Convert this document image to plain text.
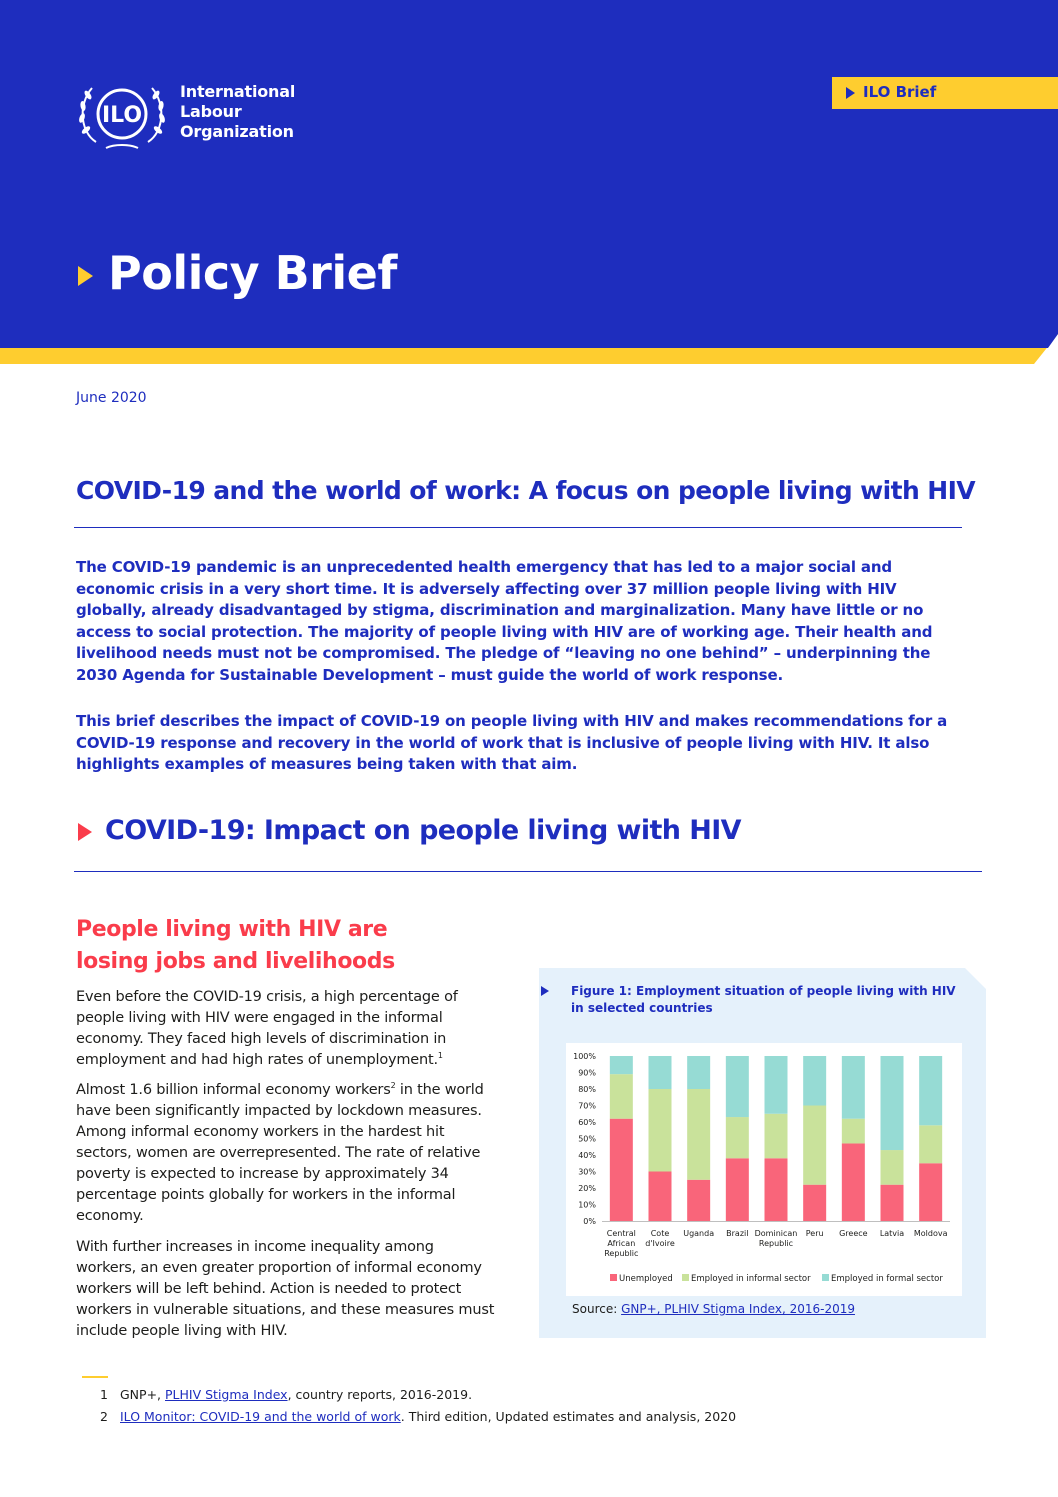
ILO
International
Labour
Organization
ILO Brief
Policy Brief
June 2020
COVID-19 and the world of work: A focus on people living with HIV
The COVID-19 pandemic is an unprecedented health emergency that has led to a major social and economic crisis in a very short time. It is adversely affecting over 37 million people living with HIV globally, already disadvantaged by stigma, discrimination and marginalization. Many have little or no access to social protection. The majority of people living with HIV are of working age. Their health and livelihood needs must not be compromised. The pledge of “leaving no one behind” – underpinning the 2030 Agenda for Sustainable Development – must guide the world of work response.
This brief describes the impact of COVID-19 on people living with HIV and makes recommendations for a COVID-19 response and recovery in the world of work that is inclusive of people living with HIV. It also highlights examples of measures being taken with that aim.
COVID-19: Impact on people living with HIV
People living with HIV are losing jobs and livelihoods
Even before the COVID-19 crisis, a high percentage of people living with HIV were engaged in the informal economy. They faced high levels of discrimination in employment and had high rates of unemployment.$^1$
Almost 1.6 billion informal economy workers$^2$ in the world have been significantly impacted by lockdown measures. Among informal economy workers in the hardest hit sectors, women are overrepresented. The rate of relative poverty is expected to increase by approximately 34 percentage points globally for workers in the informal economy.
With further increases in income inequality among workers, an even greater proportion of informal economy workers will be left behind. Action is needed to protect workers in vulnerable situations, and these measures must include people living with HIV.
Figure 1: Employment situation of people living with HIV in selected countries
0%
10%
20%
30%
40%
50%
60%
70%
80%
90%
100%
Central
African
Republic
Cote
d'Ivoire
Uganda Brazil Dominican
Republic
Peru Greece Latvia Moldova
Unemployed Employed in informal sector Employed in formal sector
Source: GNP+, PLHIV Stigma Index, 2016-2019
1 GNP+, PLHIV Stigma Index, country reports, 2016-2019.
2 ILO Monitor: COVID-19 and the world of work. Third edition, Updated estimates and analysis, 2020
